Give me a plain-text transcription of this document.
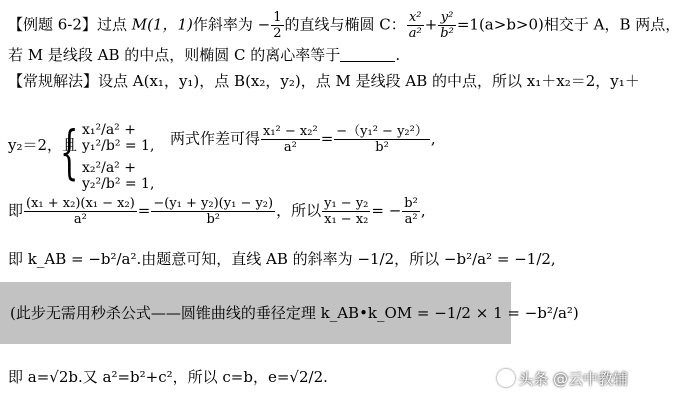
【例题 6-2】过点 M(1，1)作斜率为 − $\frac{1}{2}$ 的直线与椭圆 C： $\frac{\text{x²}}{\text{a²}} + \frac{\text{y²}}{\text{b²}} =1(a>b>0)$相交于 A，B 两点，
若 M 是线段 AB 的中点，则椭圆 C 的离心率等于	.
【常规解法】设点 A(x₁，y₁)，点 B(x₂，y₂)，点 M 是线段 AB 的中点，所以 x₁＋x₂＝2，y₁＋
y₂＝2，且
{ x₁²/a² + y₁²/b² = 1,
x₂²/a² + y₂²/b² = 1,
两式作差可得 $\frac{\text{x₁² − x₂²}}{\text{a²}} = \frac{\text{−（y₁² − y₂²）}}{\text{b²}}$ ,
即 $\frac{\text{(x₁ + x₂)(x₁ − x₂)}}{\text{a²}} = \frac{\text{−(y₁ + y₂)(y₁ − y₂)}}{\text{b²}}$ ，所以 $\frac{\text{y₁ − y₂}}{\text{x₁ − x₂}}$ = − $\frac{\text{b²}}{\text{a²}}$ ,
即 k_AB = −b²/a².由题意可知，直线 AB 的斜率为 −1/2，所以 −b²/a² = −1/2,
(此步无需用秒杀公式——圆锥曲线的垂径定理 k_AB•k_OM = −1/2 × 1 = −b²/a²)
即 a=√2b.又 a²=b²+c²，所以 c=b，e=√2/2.	头条 @云中教辅
